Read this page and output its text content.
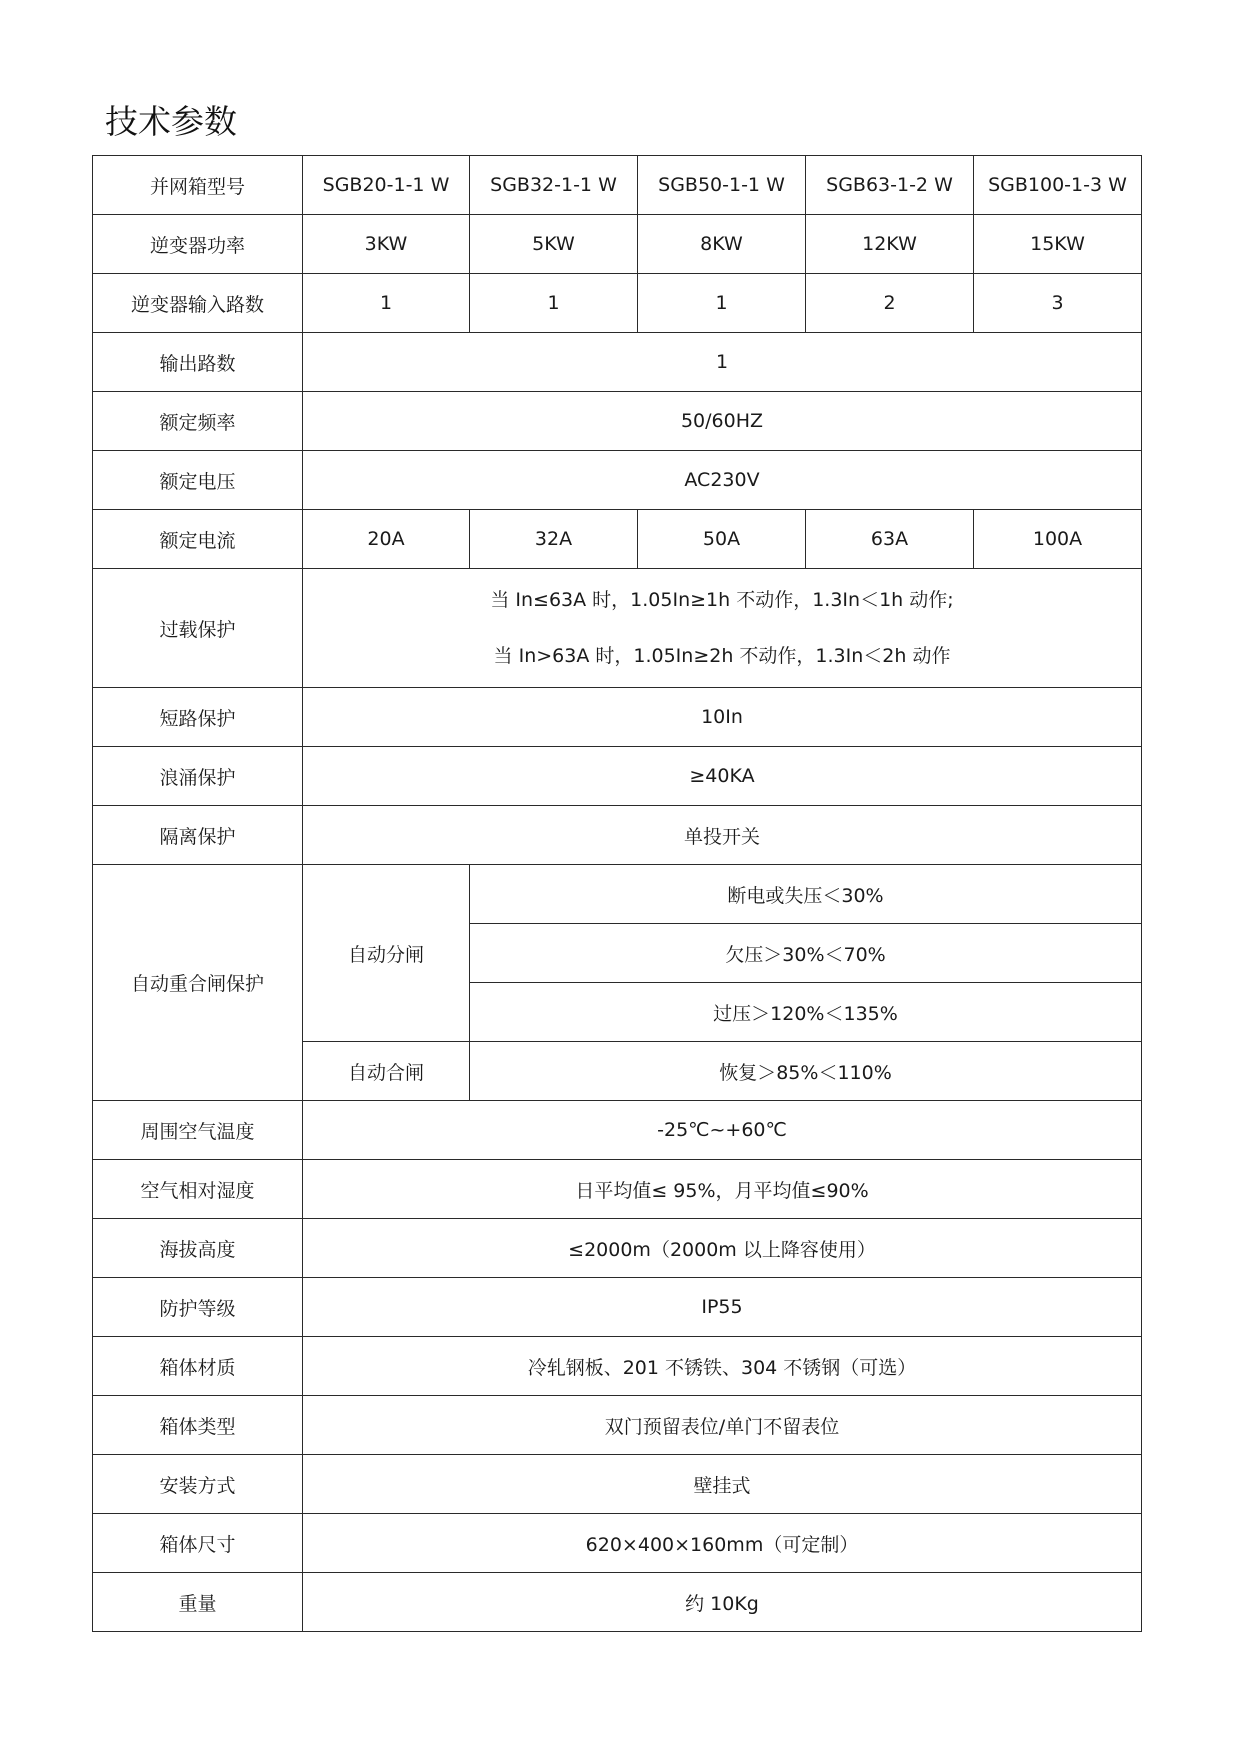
技术参数
并网箱型号	SGB20-1-1 W	SGB32-1-1 W	SGB50-1-1 W	SGB63-1-2 W	SGB100-1-3 W
逆变器功率	3KW	5KW	8KW	12KW	15KW
逆变器输入路数	1	1	1	2	3
输出路数	1				
额定频率	50/60HZ				
额定电压	AC230V				
额定电流	20A	32A	50A	63A	100A
过载保护	当 In≤63A 时，1.05In≥1h 不动作，1.3In＜1h 动作;
当 In>63A 时，1.05In≥2h 不动作，1.3In＜2h 动作				

短路保护	10In				
浪涌保护	≥40KA				
隔离保护	单投开关				
自动重合闸保护	自动分闸	断电或失压＜30%			
		欠压＞30%＜70%			
		过压＞120%＜135%			
	自动合闸	恢复＞85%＜110%			
周围空气温度	-25℃~+60℃				
空气相对湿度	日平均值≤ 95%，月平均值≤90%				
海拔高度	≤2000m（2000m 以上降容使用）				
防护等级	IP55				
箱体材质	冷轧钢板、201 不锈铁、304 不锈钢（可选）				
箱体类型	双门预留表位/单门不留表位				
安装方式	壁挂式				
箱体尺寸	620×400×160mm（可定制）				
重量	约 10Kg				
